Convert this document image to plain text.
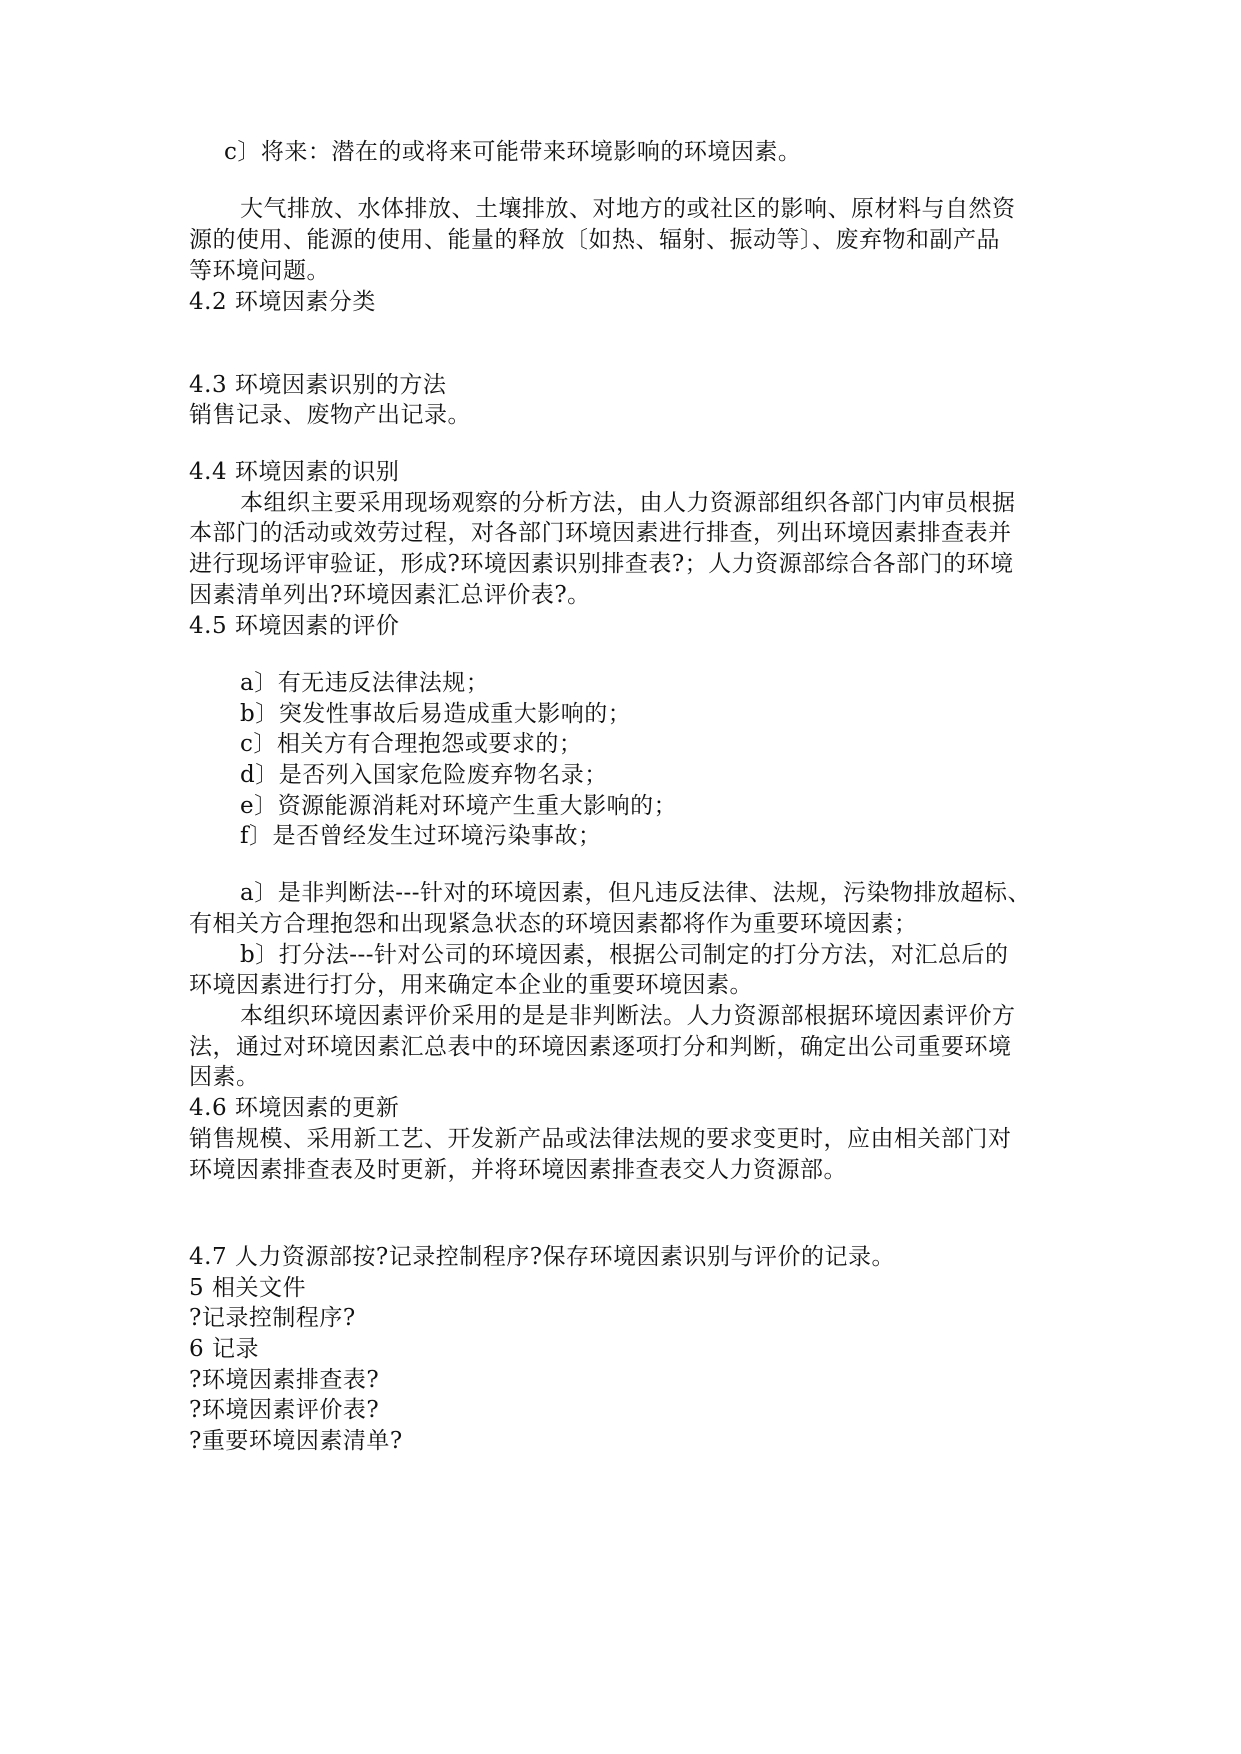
c〕将来：潜在的或将来可能带来环境影响的环境因素。
大气排放、水体排放、土壤排放、对地方的或社区的影响、原材料与自然资
源的使用、能源的使用、能量的释放〔如热、辐射、振动等〕、废弃物和副产品
等环境问题。
4.2 环境因素分类
4.3 环境因素识别的方法
销售记录、废物产出记录。
4.4 环境因素的识别
本组织主要采用现场观察的分析方法，由人力资源部组织各部门内审员根据
本部门的活动或效劳过程，对各部门环境因素进行排查，列出环境因素排查表并
进行现场评审验证，形成?环境因素识别排查表?；人力资源部综合各部门的环境
因素清单列出?环境因素汇总评价表?。
4.5 环境因素的评价
a〕有无违反法律法规；
b〕突发性事故后易造成重大影响的；
c〕相关方有合理抱怨或要求的；
d〕是否列入国家危险废弃物名录；
e〕资源能源消耗对环境产生重大影响的；
f〕是否曾经发生过环境污染事故；
a〕是非判断法---针对的环境因素，但凡违反法律、法规，污染物排放超标、
有相关方合理抱怨和出现紧急状态的环境因素都将作为重要环境因素；
b〕打分法---针对公司的环境因素，根据公司制定的打分方法，对汇总后的
环境因素进行打分，用来确定本企业的重要环境因素。
本组织环境因素评价采用的是是非判断法。人力资源部根据环境因素评价方
法，通过对环境因素汇总表中的环境因素逐项打分和判断，确定出公司重要环境
因素。
4.6 环境因素的更新
销售规模、采用新工艺、开发新产品或法律法规的要求变更时，应由相关部门对
环境因素排查表及时更新，并将环境因素排查表交人力资源部。
4.7 人力资源部按?记录控制程序?保存环境因素识别与评价的记录。
5 相关文件
?记录控制程序?
6 记录
?环境因素排查表?
?环境因素评价表?
?重要环境因素清单?
